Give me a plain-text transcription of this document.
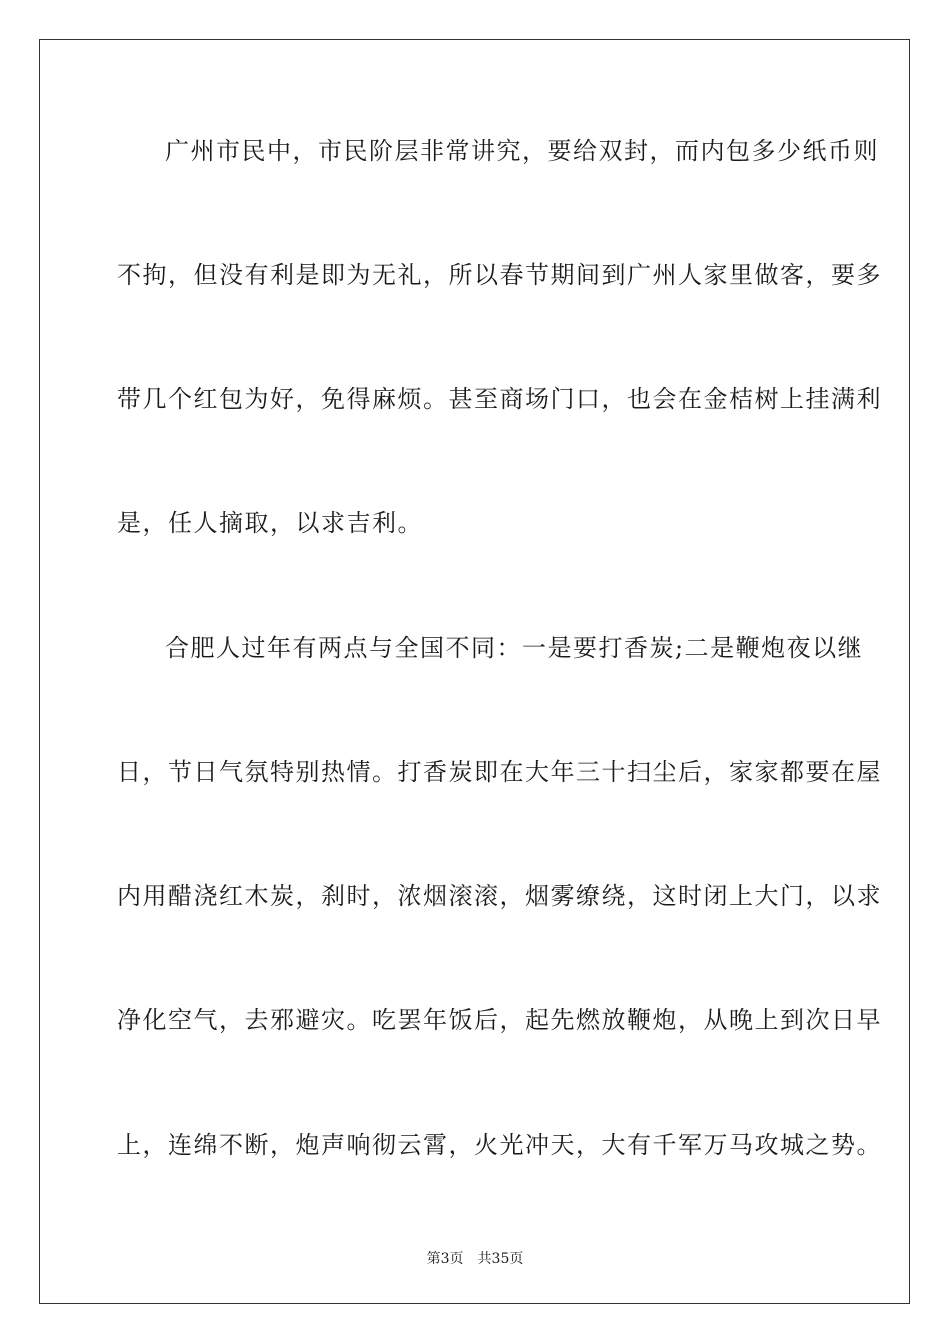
广州市民中，市民阶层非常讲究，要给双封，而内包多少纸币则
不拘，但没有利是即为无礼，所以春节期间到广州人家里做客，要多
带几个红包为好，免得麻烦。甚至商场门口，也会在金桔树上挂满利
是，任人摘取，以求吉利。
合肥人过年有两点与全国不同：一是要打香炭;二是鞭炮夜以继
日，节日气氛特别热情。打香炭即在大年三十扫尘后，家家都要在屋
内用醋浇红木炭，刹时，浓烟滚滚，烟雾缭绕，这时闭上大门，以求
净化空气，去邪避灾。吃罢年饭后，起先燃放鞭炮，从晚上到次日早
上，连绵不断，炮声响彻云霄，火光冲天，大有千军万马攻城之势。
第3页 共35页
